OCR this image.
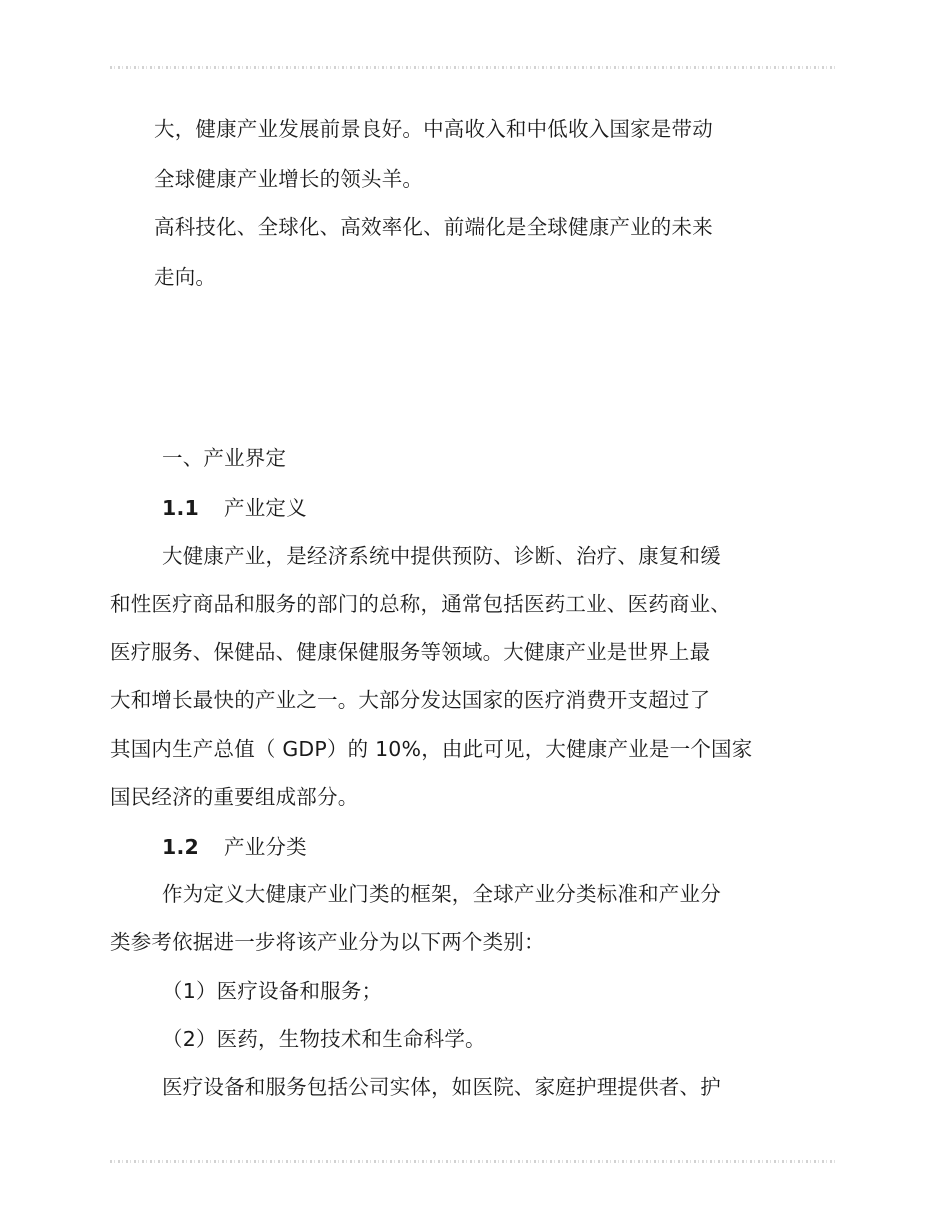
大，健康产业发展前景良好。中高收入和中低收入国家是带动
全球健康产业增长的领头羊。
高科技化、全球化、高效率化、前端化是全球健康产业的未来
走向。
一、产业界定
1.1 产业定义
大健康产业，是经济系统中提供预防、诊断、治疗、康复和缓
和性医疗商品和服务的部门的总称，通常包括医药工业、医药商业、
医疗服务、保健品、健康保健服务等领域。大健康产业是世界上最
大和增长最快的产业之一。大部分发达国家的医疗消费开支超过了
其国内生产总值（ GDP）的 10%，由此可见，大健康产业是一个国家
国民经济的重要组成部分。
1.2 产业分类
作为定义大健康产业门类的框架，全球产业分类标准和产业分
类参考依据进一步将该产业分为以下两个类别：
（1）医疗设备和服务；
（2）医药，生物技术和生命科学。
医疗设备和服务包括公司实体，如医院、家庭护理提供者、护
